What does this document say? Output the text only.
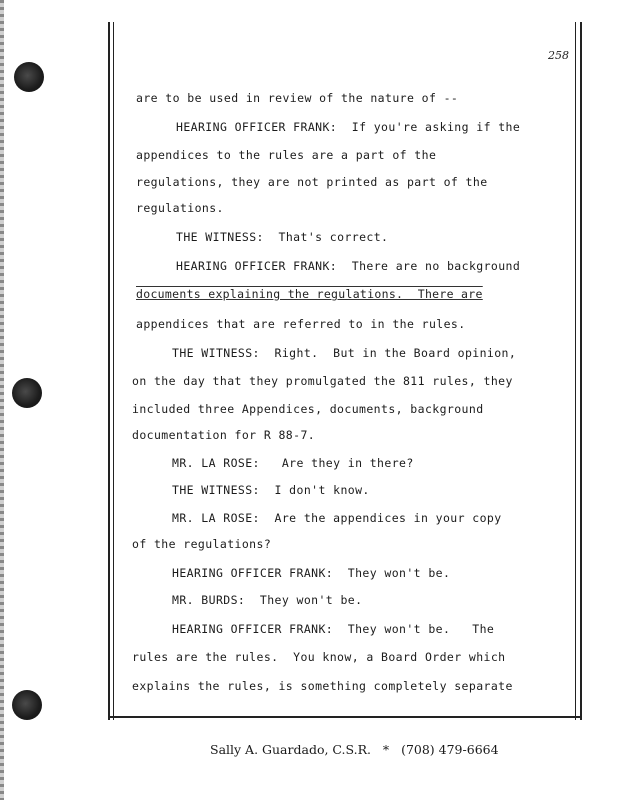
258
are to be used in review of the nature of --
HEARING OFFICER FRANK:  If you're asking if the
appendices to the rules are a part of the
regulations, they are not printed as part of the
regulations.
THE WITNESS:  That's correct.
HEARING OFFICER FRANK:  There are no background
documents explaining the regulations.  There are
appendices that are referred to in the rules.
THE WITNESS:  Right.  But in the Board opinion,
on the day that they promulgated the 811 rules, they
included three Appendices, documents, background
documentation for R 88-7.
MR. LA ROSE:   Are they in there?
THE WITNESS:  I don't know.
MR. LA ROSE:  Are the appendices in your copy
of the regulations?
HEARING OFFICER FRANK:  They won't be.
MR. BURDS:  They won't be.
HEARING OFFICER FRANK:  They won't be.   The
rules are the rules.  You know, a Board Order which
explains the rules, is something completely separate
Sally A. Guardado, C.S.R.   *   (708) 479-6664
